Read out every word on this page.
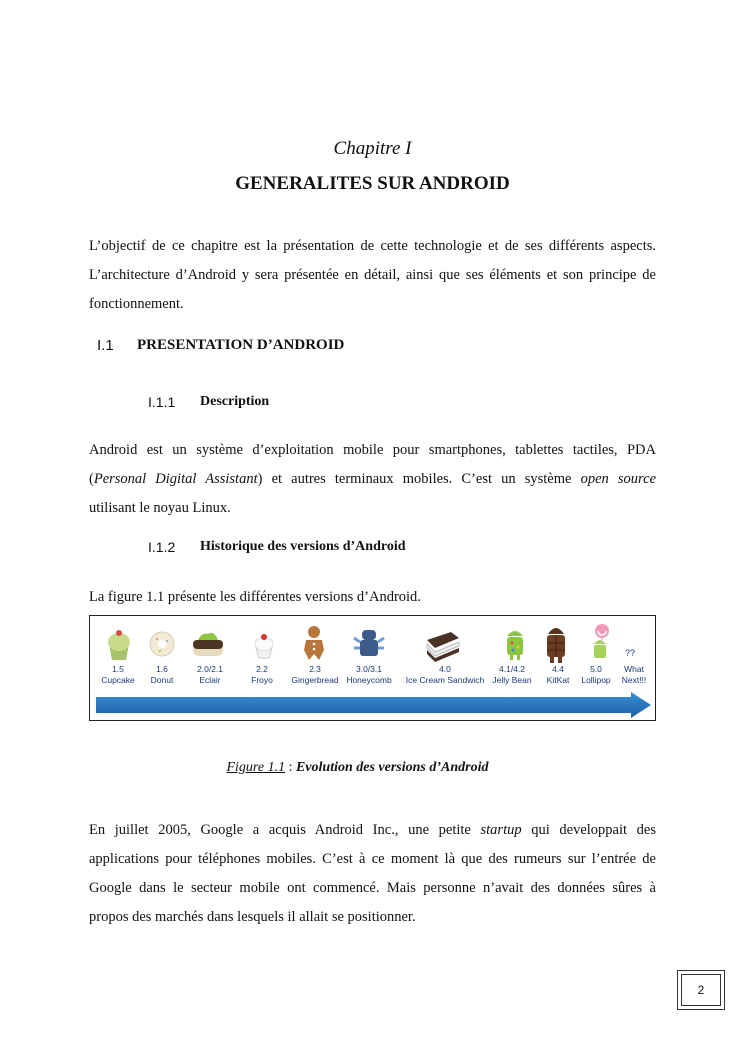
Chapitre I
GENERALITES SUR ANDROID
L’objectif de ce chapitre est la présentation de cette technologie et de ses différents aspects.
L’architecture d’Android y sera présentée en détail, ainsi que ses éléments et son principe de
fonctionnement.
I.1 PRESENTATION D’ANDROID
I.1.1 Description
Android est un système d’exploitation mobile pour smartphones, tablettes tactiles, PDA
(Personal Digital Assistant) et autres terminaux mobiles. C’est un système open source
utilisant le noyau Linux.
I.1.2 Historique des versions d’Android
La figure 1.1 présente les différentes versions d’Android.
??
1.5
Cupcake
1.6
Donut
2.0/2.1
Eclair
2.2
Froyo
2.3
Gingerbread
3.0/3.1
Honeycomb
4.0
Ice Cream Sandwich
4.1/4.2
Jelly Bean
4.4
KitKat
5.0
Lollipop
What
Next!!!
Figure 1.1 : Evolution des versions d’Android
En juillet 2005, Google a acquis Android Inc., une petite startup qui developpait des
applications pour téléphones mobiles. C’est à ce moment là que des rumeurs sur l’entrée de
Google dans le secteur mobile ont commencé. Mais personne n’avait des données sûres à
propos des marchés dans lesquels il allait se positionner.
2
